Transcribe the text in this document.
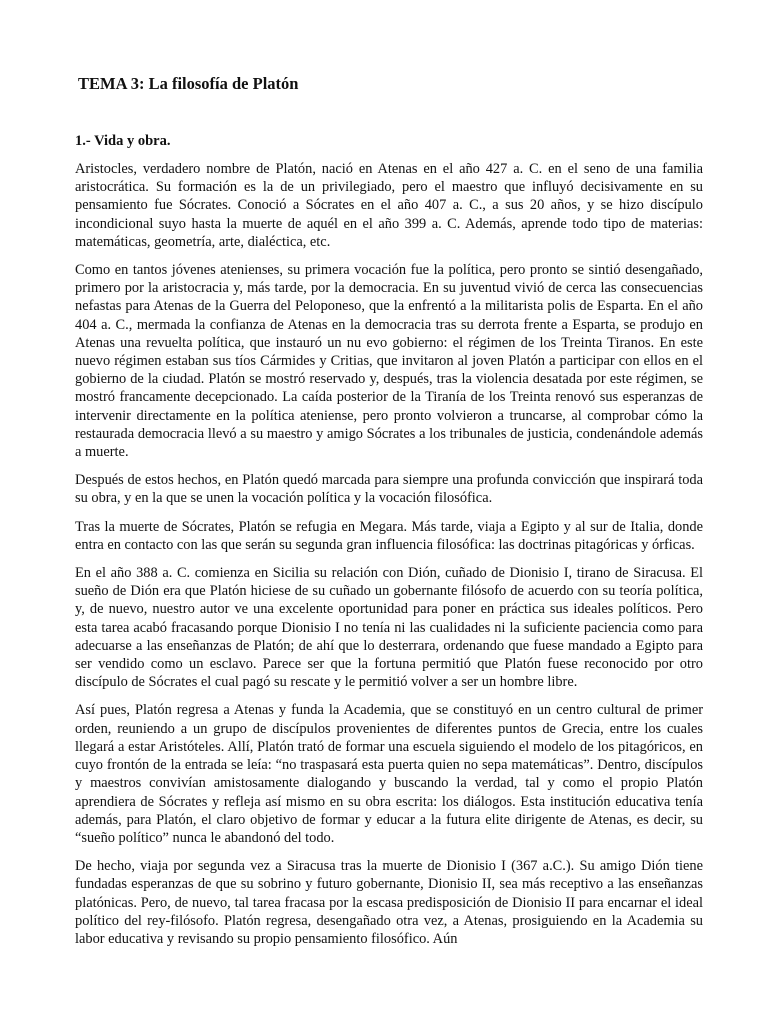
TEMA 3: La filosofía de Platón
1.- Vida y obra.

Aristocles, verdadero nombre de Platón, nació en Atenas en el año 427 a. C. en el seno de una familia aristocrática. Su formación es la de un privilegiado, pero el maestro que influyó decisivamente en su pensamiento fue Sócrates. Conoció a Sócrates en el año 407 a. C., a sus 20 años, y se hizo discípulo incondicional suyo hasta la muerte de aquél en el año 399 a. C. Además, aprende todo tipo de materias: matemáticas, geometría, arte, dialéctica, etc.

Como en tantos jóvenes atenienses, su primera vocación fue la política, pero pronto se sintió desengañado, primero por la aristocracia y, más tarde, por la democracia. En su juventud vivió de cerca las consecuencias nefastas para Atenas de la Guerra del Peloponeso, que la enfrentó a la militarista polis de Esparta. En el año 404 a. C., mermada la confianza de Atenas en la democracia tras su derrota frente a Esparta, se produjo en Atenas una revuelta política, que instauró un nu evo gobierno: el régimen de los Treinta Tiranos. En este nuevo régimen estaban sus tíos Cármides y Critias, que invitaron al joven Platón a participar con ellos en el gobierno de la ciudad. Platón se mostró reservado y, después, tras la violencia desatada por este régimen, se mostró francamente decepcionado. La caída posterior de la Tiranía de los Treinta renovó sus esperanzas de intervenir directamente en la política ateniense, pero pronto volvieron a truncarse, al comprobar cómo la restaurada democracia llevó a su maestro y amigo Sócrates a los tribunales de justicia, condenándole además a muerte.

Después de estos hechos, en Platón quedó marcada para siempre una profunda convicción que inspirará toda su obra, y en la que se unen la vocación política y la vocación filosófica.

Tras la muerte de Sócrates, Platón se refugia en Megara. Más tarde, viaja a Egipto y al sur de Italia, donde entra en contacto con las que serán su segunda gran influencia filosófica: las doctrinas pitagóricas y órficas.

En el año 388 a. C. comienza en Sicilia su relación con Dión, cuñado de Dionisio I, tirano de Siracusa. El sueño de Dión era que Platón hiciese de su cuñado un gobernante filósofo de acuerdo con su teoría política, y, de nuevo, nuestro autor ve una excelente oportunidad para poner en práctica sus ideales políticos. Pero esta tarea acabó fracasando porque Dionisio I no tenía ni las cualidades ni la suficiente paciencia como para adecuarse a las enseñanzas de Platón; de ahí que lo desterrara, ordenando que fuese mandado a Egipto para ser vendido como un esclavo. Parece ser que la fortuna permitió que Platón fuese reconocido por otro discípulo de Sócrates el cual pagó su rescate y le permitió volver a ser un hombre libre.

Así pues, Platón regresa a Atenas y funda la Academia, que se constituyó en un centro cultural de primer orden, reuniendo a un grupo de discípulos provenientes de diferentes puntos de Grecia, entre los cuales llegará a estar Aristóteles. Allí, Platón trató de formar una escuela siguiendo el modelo de los pitagóricos, en cuyo frontón de la entrada se leía: “no traspasará esta puerta quien no sepa matemáticas”. Dentro, discípulos y maestros convivían amistosamente dialogando y buscando la verdad, tal y como el propio Platón aprendiera de Sócrates y refleja así mismo en su obra escrita: los diálogos. Esta institución educativa tenía además, para Platón, el claro objetivo de formar y educar a la futura elite dirigente de Atenas, es decir, su “sueño político” nunca le abandonó del todo.

De hecho, viaja por segunda vez a Siracusa tras la muerte de Dionisio I (367 a.C.). Su amigo Dión tiene fundadas esperanzas de que su sobrino y futuro gobernante, Dionisio II, sea más receptivo a las enseñanzas platónicas. Pero, de nuevo, tal tarea fracasa por la escasa predisposición de Dionisio II para encarnar el ideal político del rey-filósofo. Platón regresa, desengañado otra vez, a Atenas, prosiguiendo en la Academia su labor educativa y revisando su propio pensamiento filosófico. Aún
